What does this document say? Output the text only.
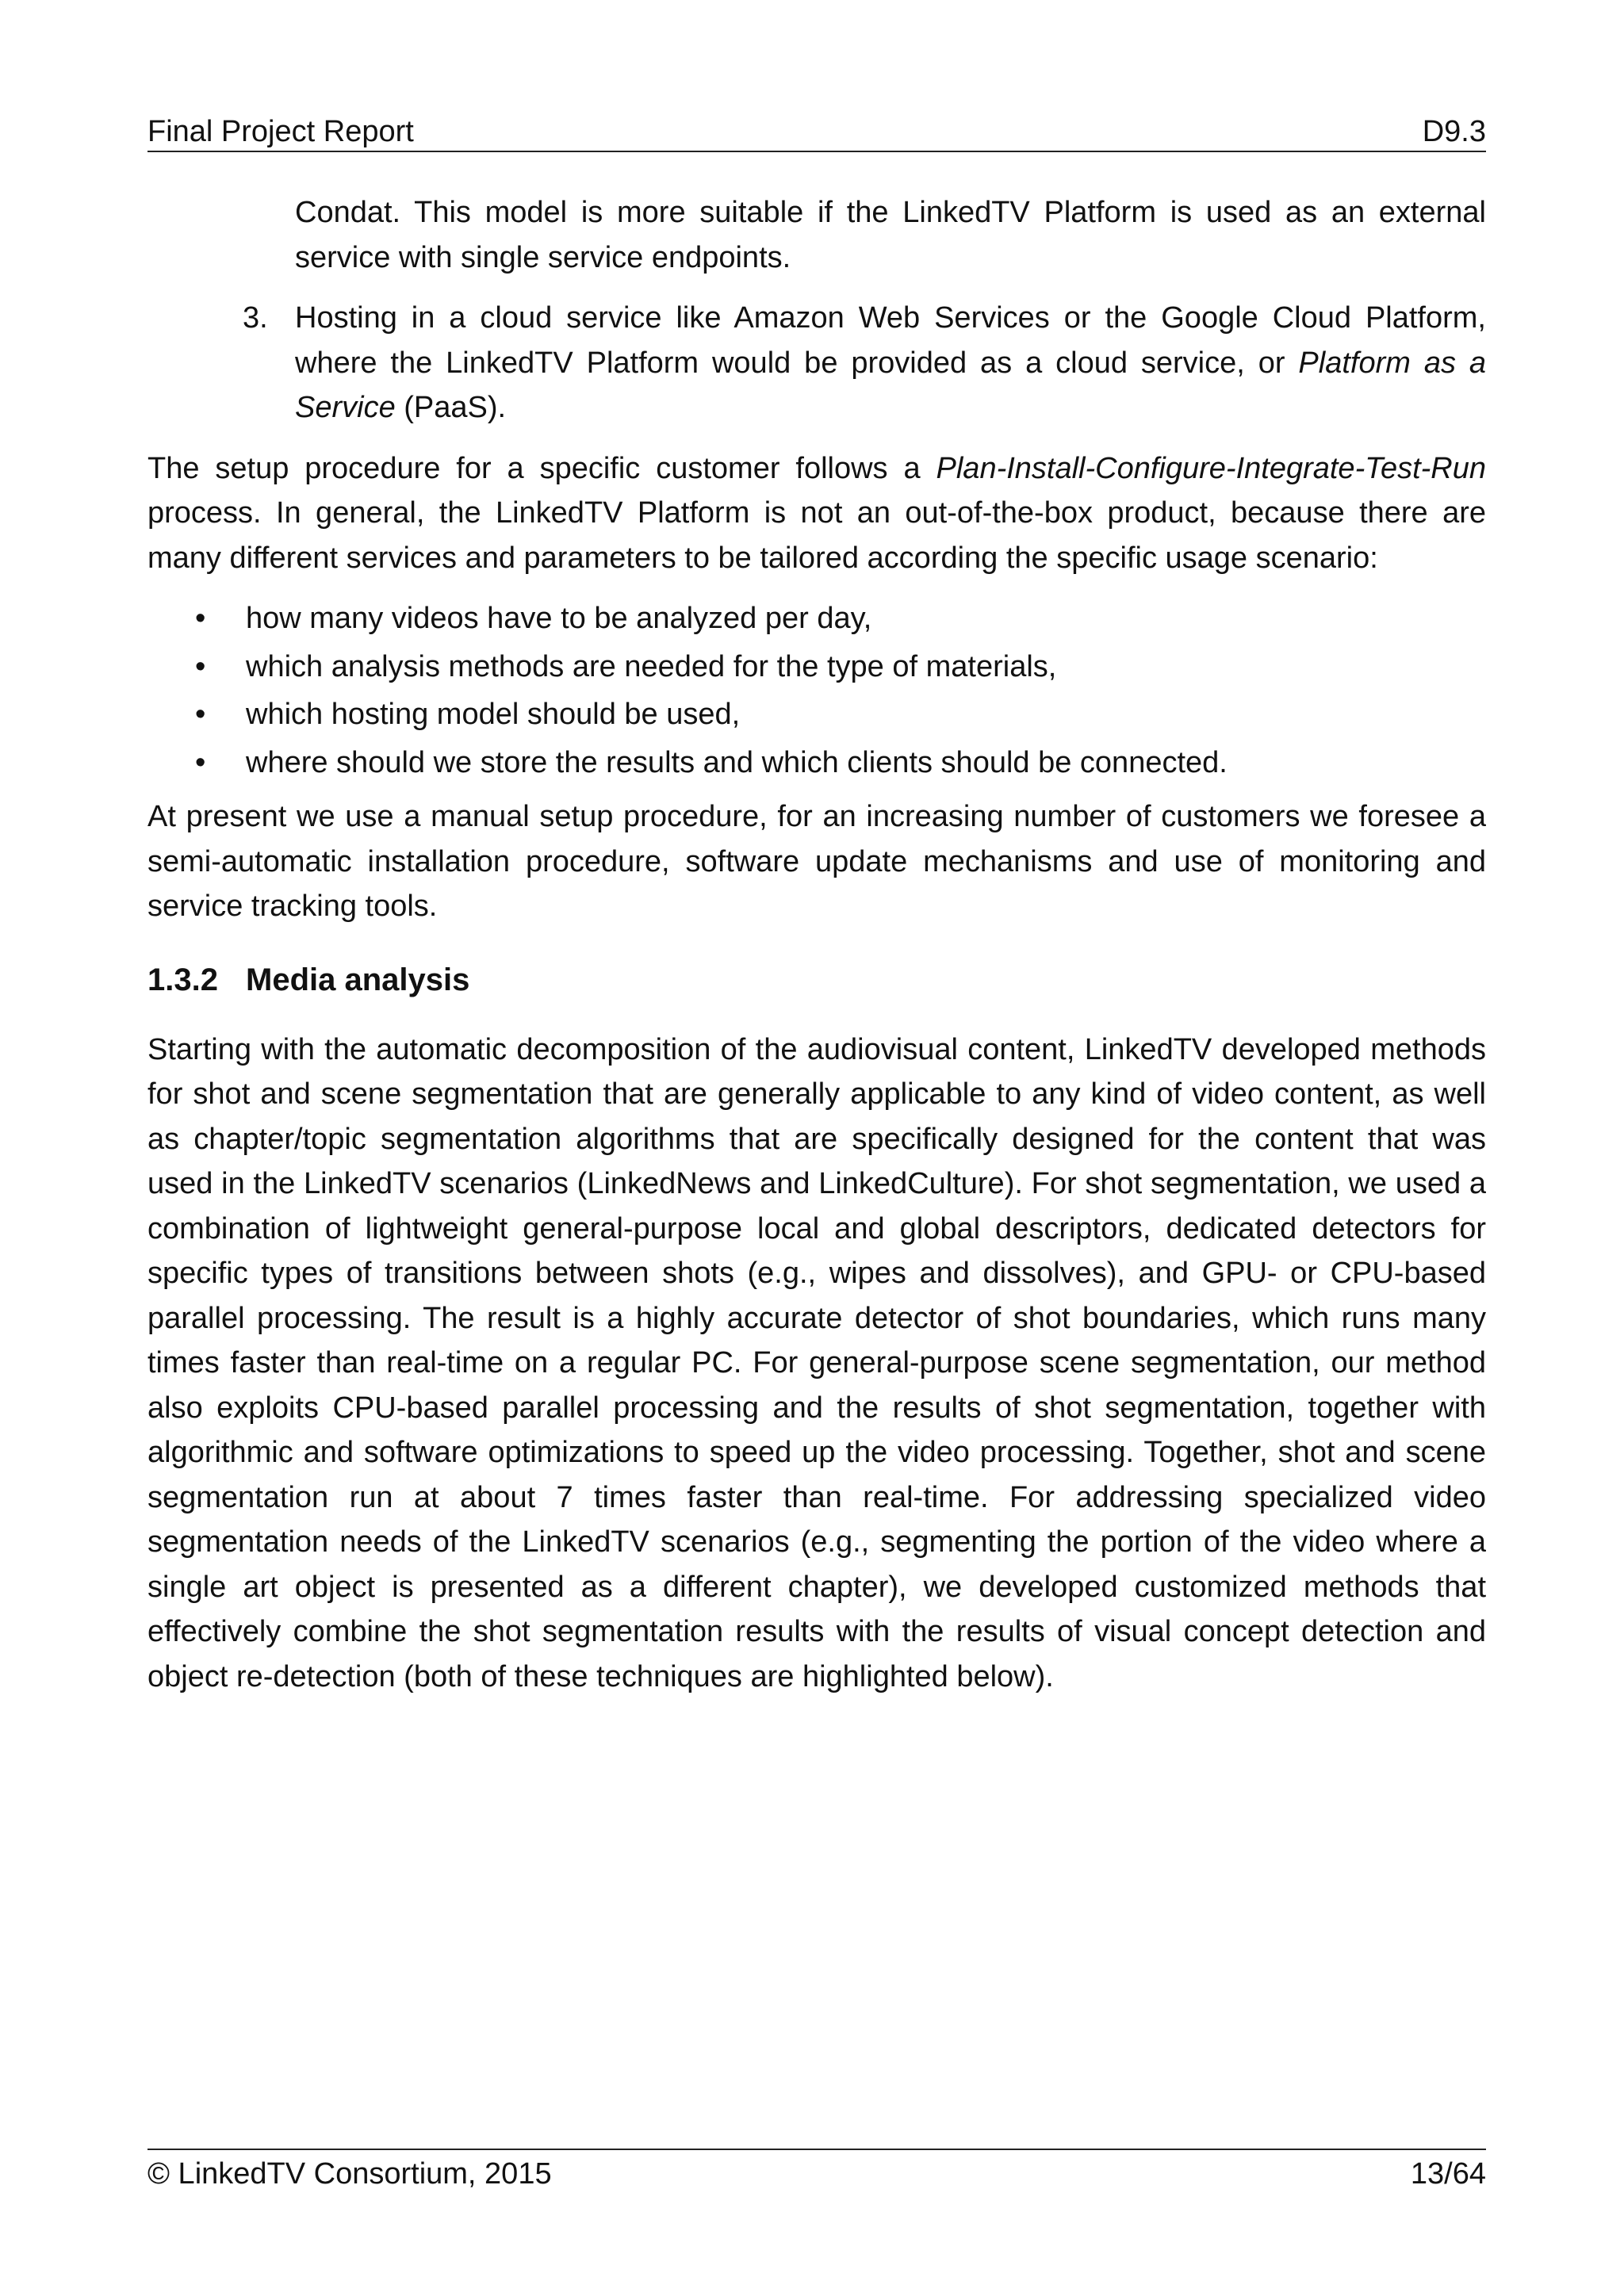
Final Project Report	D9.3

Condat. This model is more suitable if the LinkedTV Platform is used as an external service with single service endpoints.

3. Hosting in a cloud service like Amazon Web Services or the Google Cloud Platform, where the LinkedTV Platform would be provided as a cloud service, or Platform as a Service (PaaS).

The setup procedure for a specific customer follows a Plan-Install-Configure-Integrate-Test-Run process. In general, the LinkedTV Platform is not an out-of-the-box product, because there are many different services and parameters to be tailored according the specific usage scenario:

• how many videos have to be analyzed per day,
• which analysis methods are needed for the type of materials,
• which hosting model should be used,
• where should we store the results and which clients should be connected.

At present we use a manual setup procedure, for an increasing number of customers we foresee a semi-automatic installation procedure, software update mechanisms and use of monitoring and service tracking tools.

1.3.2 Media analysis

Starting with the automatic decomposition of the audiovisual content, LinkedTV developed methods for shot and scene segmentation that are generally applicable to any kind of video content, as well as chapter/topic segmentation algorithms that are specifically designed for the content that was used in the LinkedTV scenarios (LinkedNews and LinkedCulture). For shot segmentation, we used a combination of lightweight general-purpose local and global descriptors, dedicated detectors for specific types of transitions between shots (e.g., wipes and dissolves), and GPU- or CPU-based parallel processing. The result is a highly accurate detector of shot boundaries, which runs many times faster than real-time on a regular PC. For general-purpose scene segmentation, our method also exploits CPU-based parallel processing and the results of shot segmentation, together with algorithmic and software optimizations to speed up the video processing. Together, shot and scene segmentation run at about 7 times faster than real-time. For addressing specialized video segmentation needs of the LinkedTV scenarios (e.g., segmenting the portion of the video where a single art object is presented as a different chapter), we developed customized methods that effectively combine the shot segmentation results with the results of visual concept detection and object re-detection (both of these techniques are highlighted below).

© LinkedTV Consortium, 2015	13/64
